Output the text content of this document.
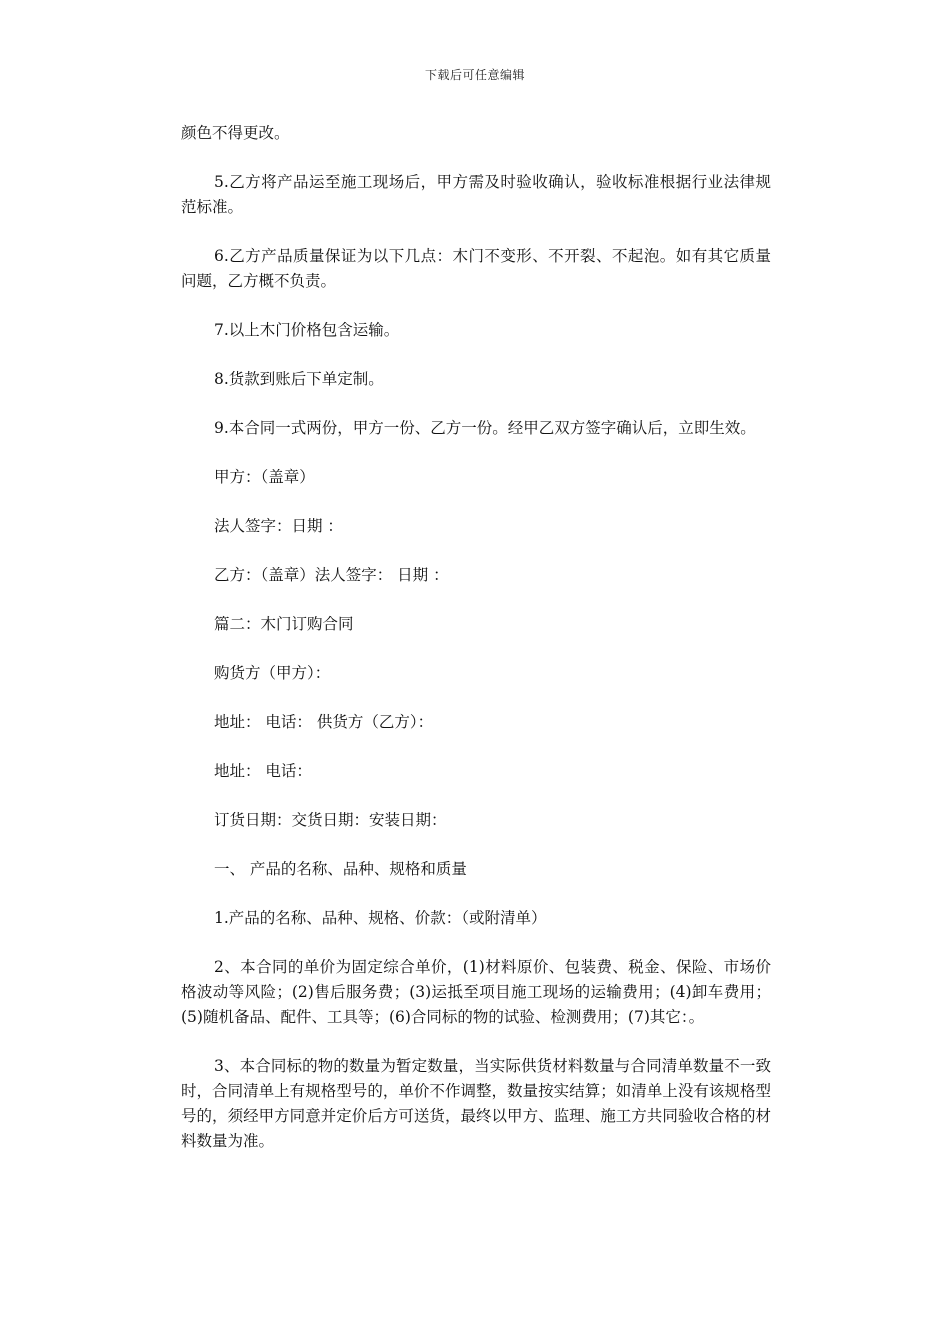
下载后可任意编辑

颜色不得更改。

5.乙方将产品运至施工现场后，甲方需及时验收确认，验收标准根据行业法律规范标准。

6.乙方产品质量保证为以下几点：木门不变形、不开裂、不起泡。如有其它质量问题，乙方概不负责。

7.以上木门价格包含运输。

8.货款到账后下单定制。

9.本合同一式两份，甲方一份、乙方一份。经甲乙双方签字确认后，立即生效。

甲方：（盖章）

法人签字：日期 ：

乙方：（盖章）法人签字： 日期 ：

篇二：木门订购合同

购货方（甲方）：

地址： 电话： 供货方（乙方）：

地址： 电话：

订货日期：交货日期：安装日期：

一、 产品的名称、品种、规格和质量

1.产品的名称、品种、规格、价款：（或附清单）

2、本合同的单价为固定综合单价，(1)材料原价、包装费、税金、保险、市场价格波动等风险；(2)售后服务费；(3)运抵至项目施工现场的运输费用；(4)卸车费用；(5)随机备品、配件、工具等；(6)合同标的物的试验、检测费用；(7)其它：。

3、本合同标的物的数量为暂定数量，当实际供货材料数量与合同清单数量不一致时，合同清单上有规格型号的，单价不作调整，数量按实结算；如清单上没有该规格型号的，须经甲方同意并定价后方可送货，最终以甲方、监理、施工方共同验收合格的材料数量为准。
